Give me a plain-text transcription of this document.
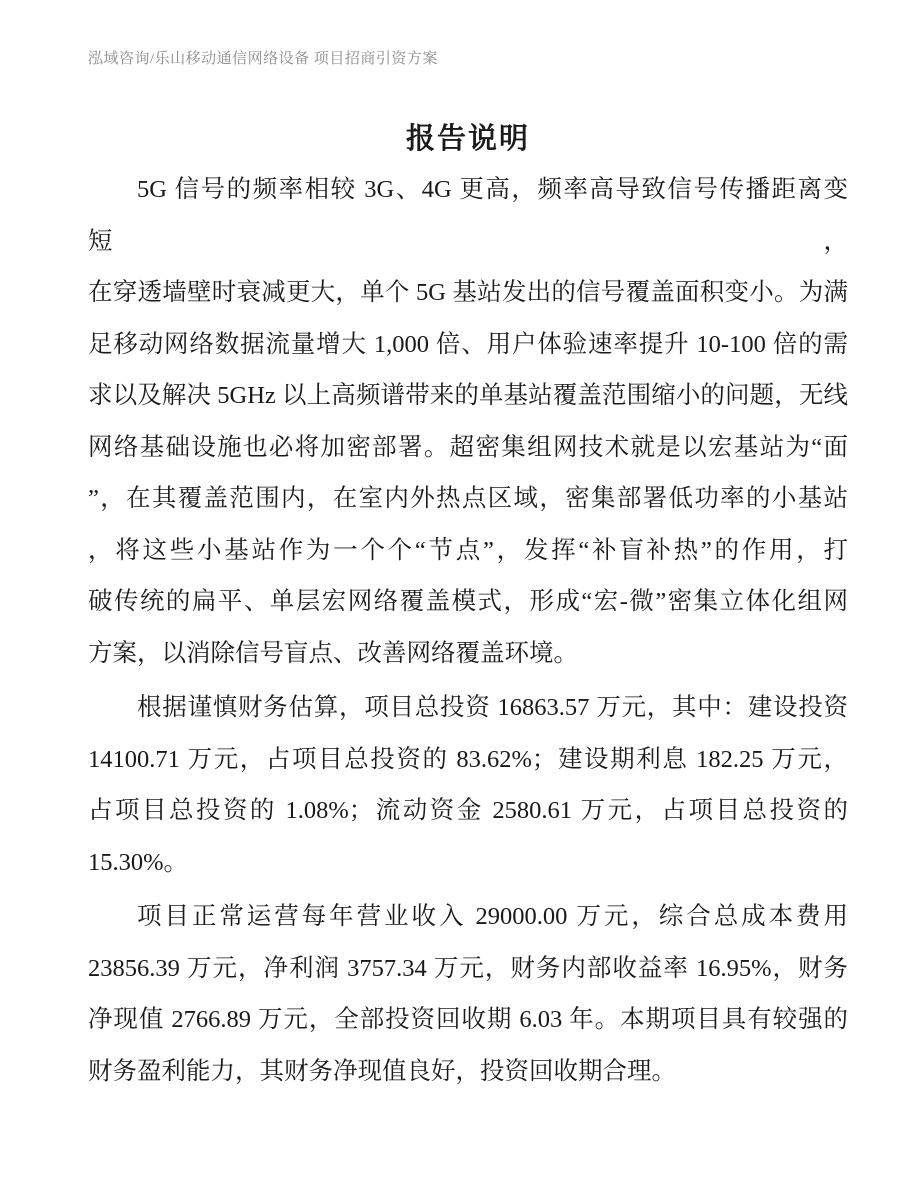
泓域咨询/乐山移动通信网络设备 项目招商引资方案
报告说明
5G 信号的频率相较 3G、4G 更高，频率高导致信号传播距离变短，
在穿透墙壁时衰减更大，单个 5G 基站发出的信号覆盖面积变小。为满
足移动网络数据流量增大 1,000 倍、用户体验速率提升 10-100 倍的需
求以及解决 5GHz 以上高频谱带来的单基站覆盖范围缩小的问题，无线
网络基础设施也必将加密部署。超密集组网技术就是以宏基站为“面
”，在其覆盖范围内，在室内外热点区域，密集部署低功率的小基站
，将这些小基站作为一个个“节点”，发挥“补盲补热”的作用，打
破传统的扁平、单层宏网络覆盖模式，形成“宏-微”密集立体化组网
方案，以消除信号盲点、改善网络覆盖环境。
根据谨慎财务估算，项目总投资 16863.57 万元，其中：建设投资
14100.71 万元，占项目总投资的 83.62%；建设期利息 182.25 万元，
占项目总投资的 1.08%；流动资金 2580.61 万元，占项目总投资的
15.30%。
项目正常运营每年营业收入 29000.00 万元，综合总成本费用
23856.39 万元，净利润 3757.34 万元，财务内部收益率 16.95%，财务
净现值 2766.89 万元，全部投资回收期 6.03 年。本期项目具有较强的
财务盈利能力，其财务净现值良好，投资回收期合理。
